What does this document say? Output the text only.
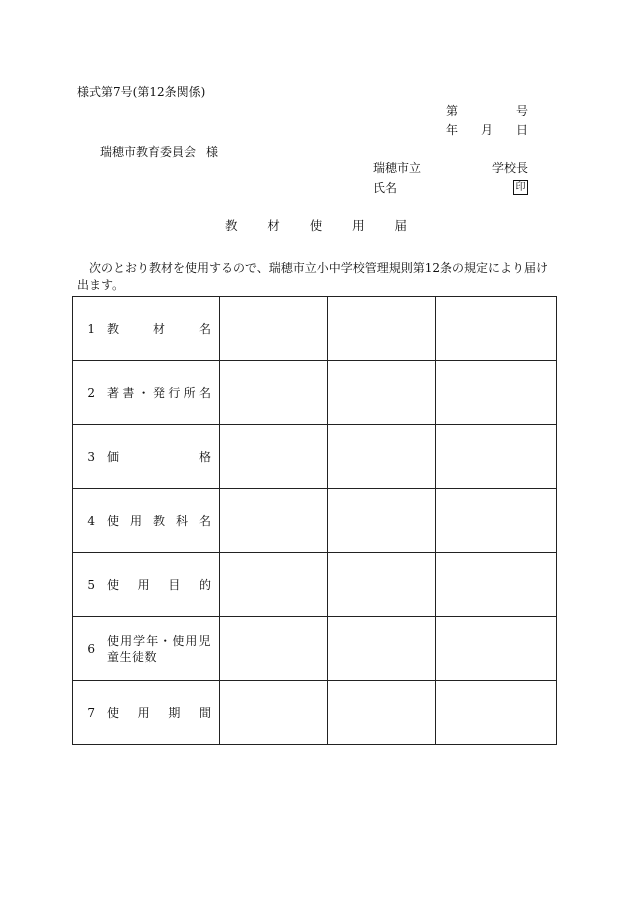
様式第7号(第12条関係)
第	号
年 月 日
瑞穂市教育委員会 様
瑞穂市立	学校長
氏名	印
教 材 使 用 届
次のとおり教材を使用するので、瑞穂市立小中学校管理規則第12条の規定により届け出ます。
1 教材名			

2 著書・発行所名			

3 価格			

4 使用教科名			

5 使用目的			

6
使用学年・使用児童生徒数			

7 使用期間			
